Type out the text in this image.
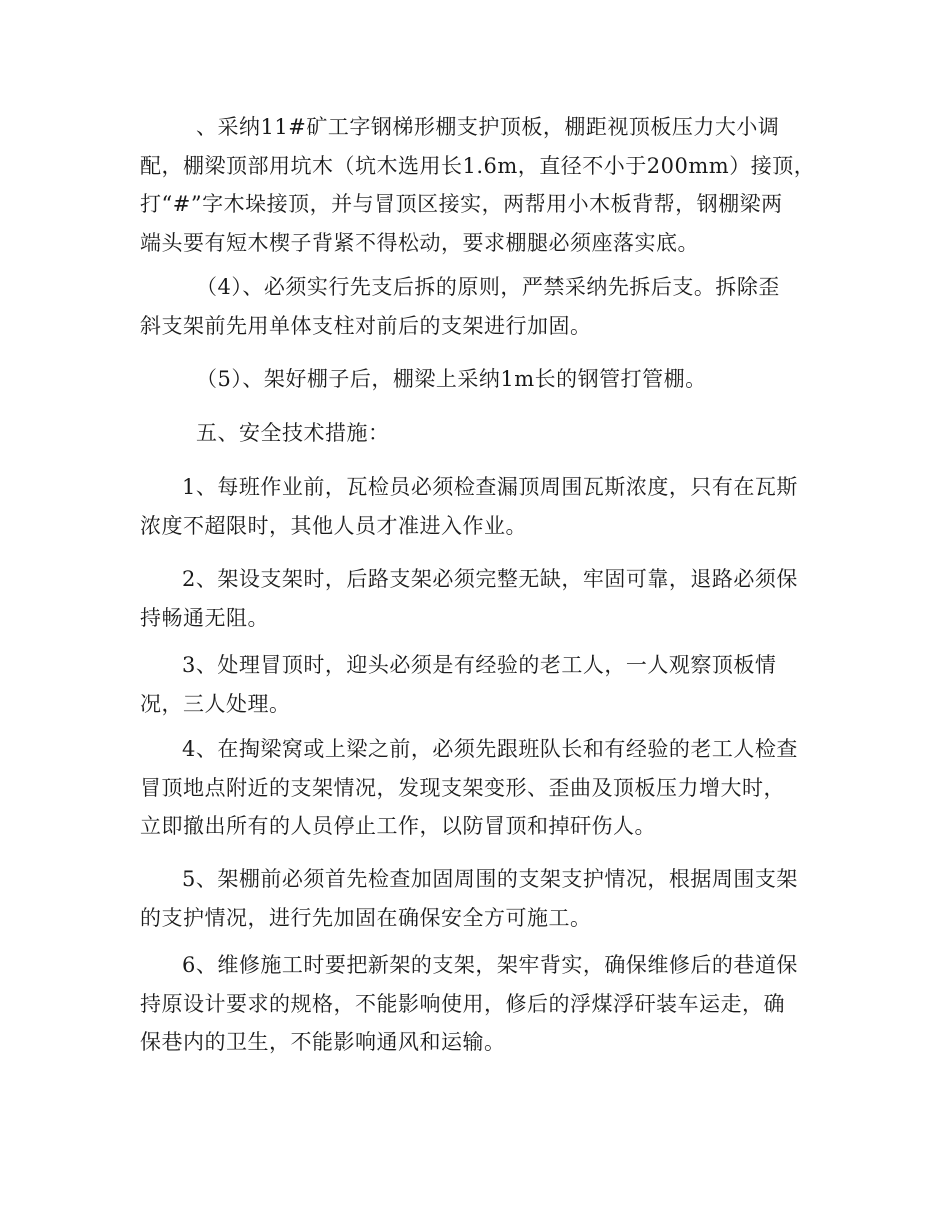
、采纳11#矿工字钢梯形棚支护顶板，棚距视顶板压力大小调
配，棚梁顶部用坑木（坑木选用长1.6m，直径不小于200mm）接顶，
打“#”字木垛接顶，并与冒顶区接实，两帮用小木板背帮，钢棚梁两
端头要有短木楔子背紧不得松动，要求棚腿必须座落实底。

（4）、必须实行先支后拆的原则，严禁采纳先拆后支。拆除歪
斜支架前先用单体支柱对前后的支架进行加固。

（5）、架好棚子后，棚梁上采纳1m长的钢管打管棚。

五、安全技术措施：

1、每班作业前，瓦检员必须检查漏顶周围瓦斯浓度，只有在瓦斯
浓度不超限时，其他人员才准进入作业。

2、架设支架时，后路支架必须完整无缺，牢固可靠，退路必须保
持畅通无阻。

3、处理冒顶时，迎头必须是有经验的老工人，一人观察顶板情
况，三人处理。

4、在掏梁窝或上梁之前，必须先跟班队长和有经验的老工人检查
冒顶地点附近的支架情况，发现支架变形、歪曲及顶板压力增大时，
立即撤出所有的人员停止工作，以防冒顶和掉矸伤人。

5、架棚前必须首先检查加固周围的支架支护情况，根据周围支架
的支护情况，进行先加固在确保安全方可施工。

6、维修施工时要把新架的支架，架牢背实，确保维修后的巷道保
持原设计要求的规格，不能影响使用，修后的浮煤浮矸装车运走，确
保巷内的卫生，不能影响通风和运输。
